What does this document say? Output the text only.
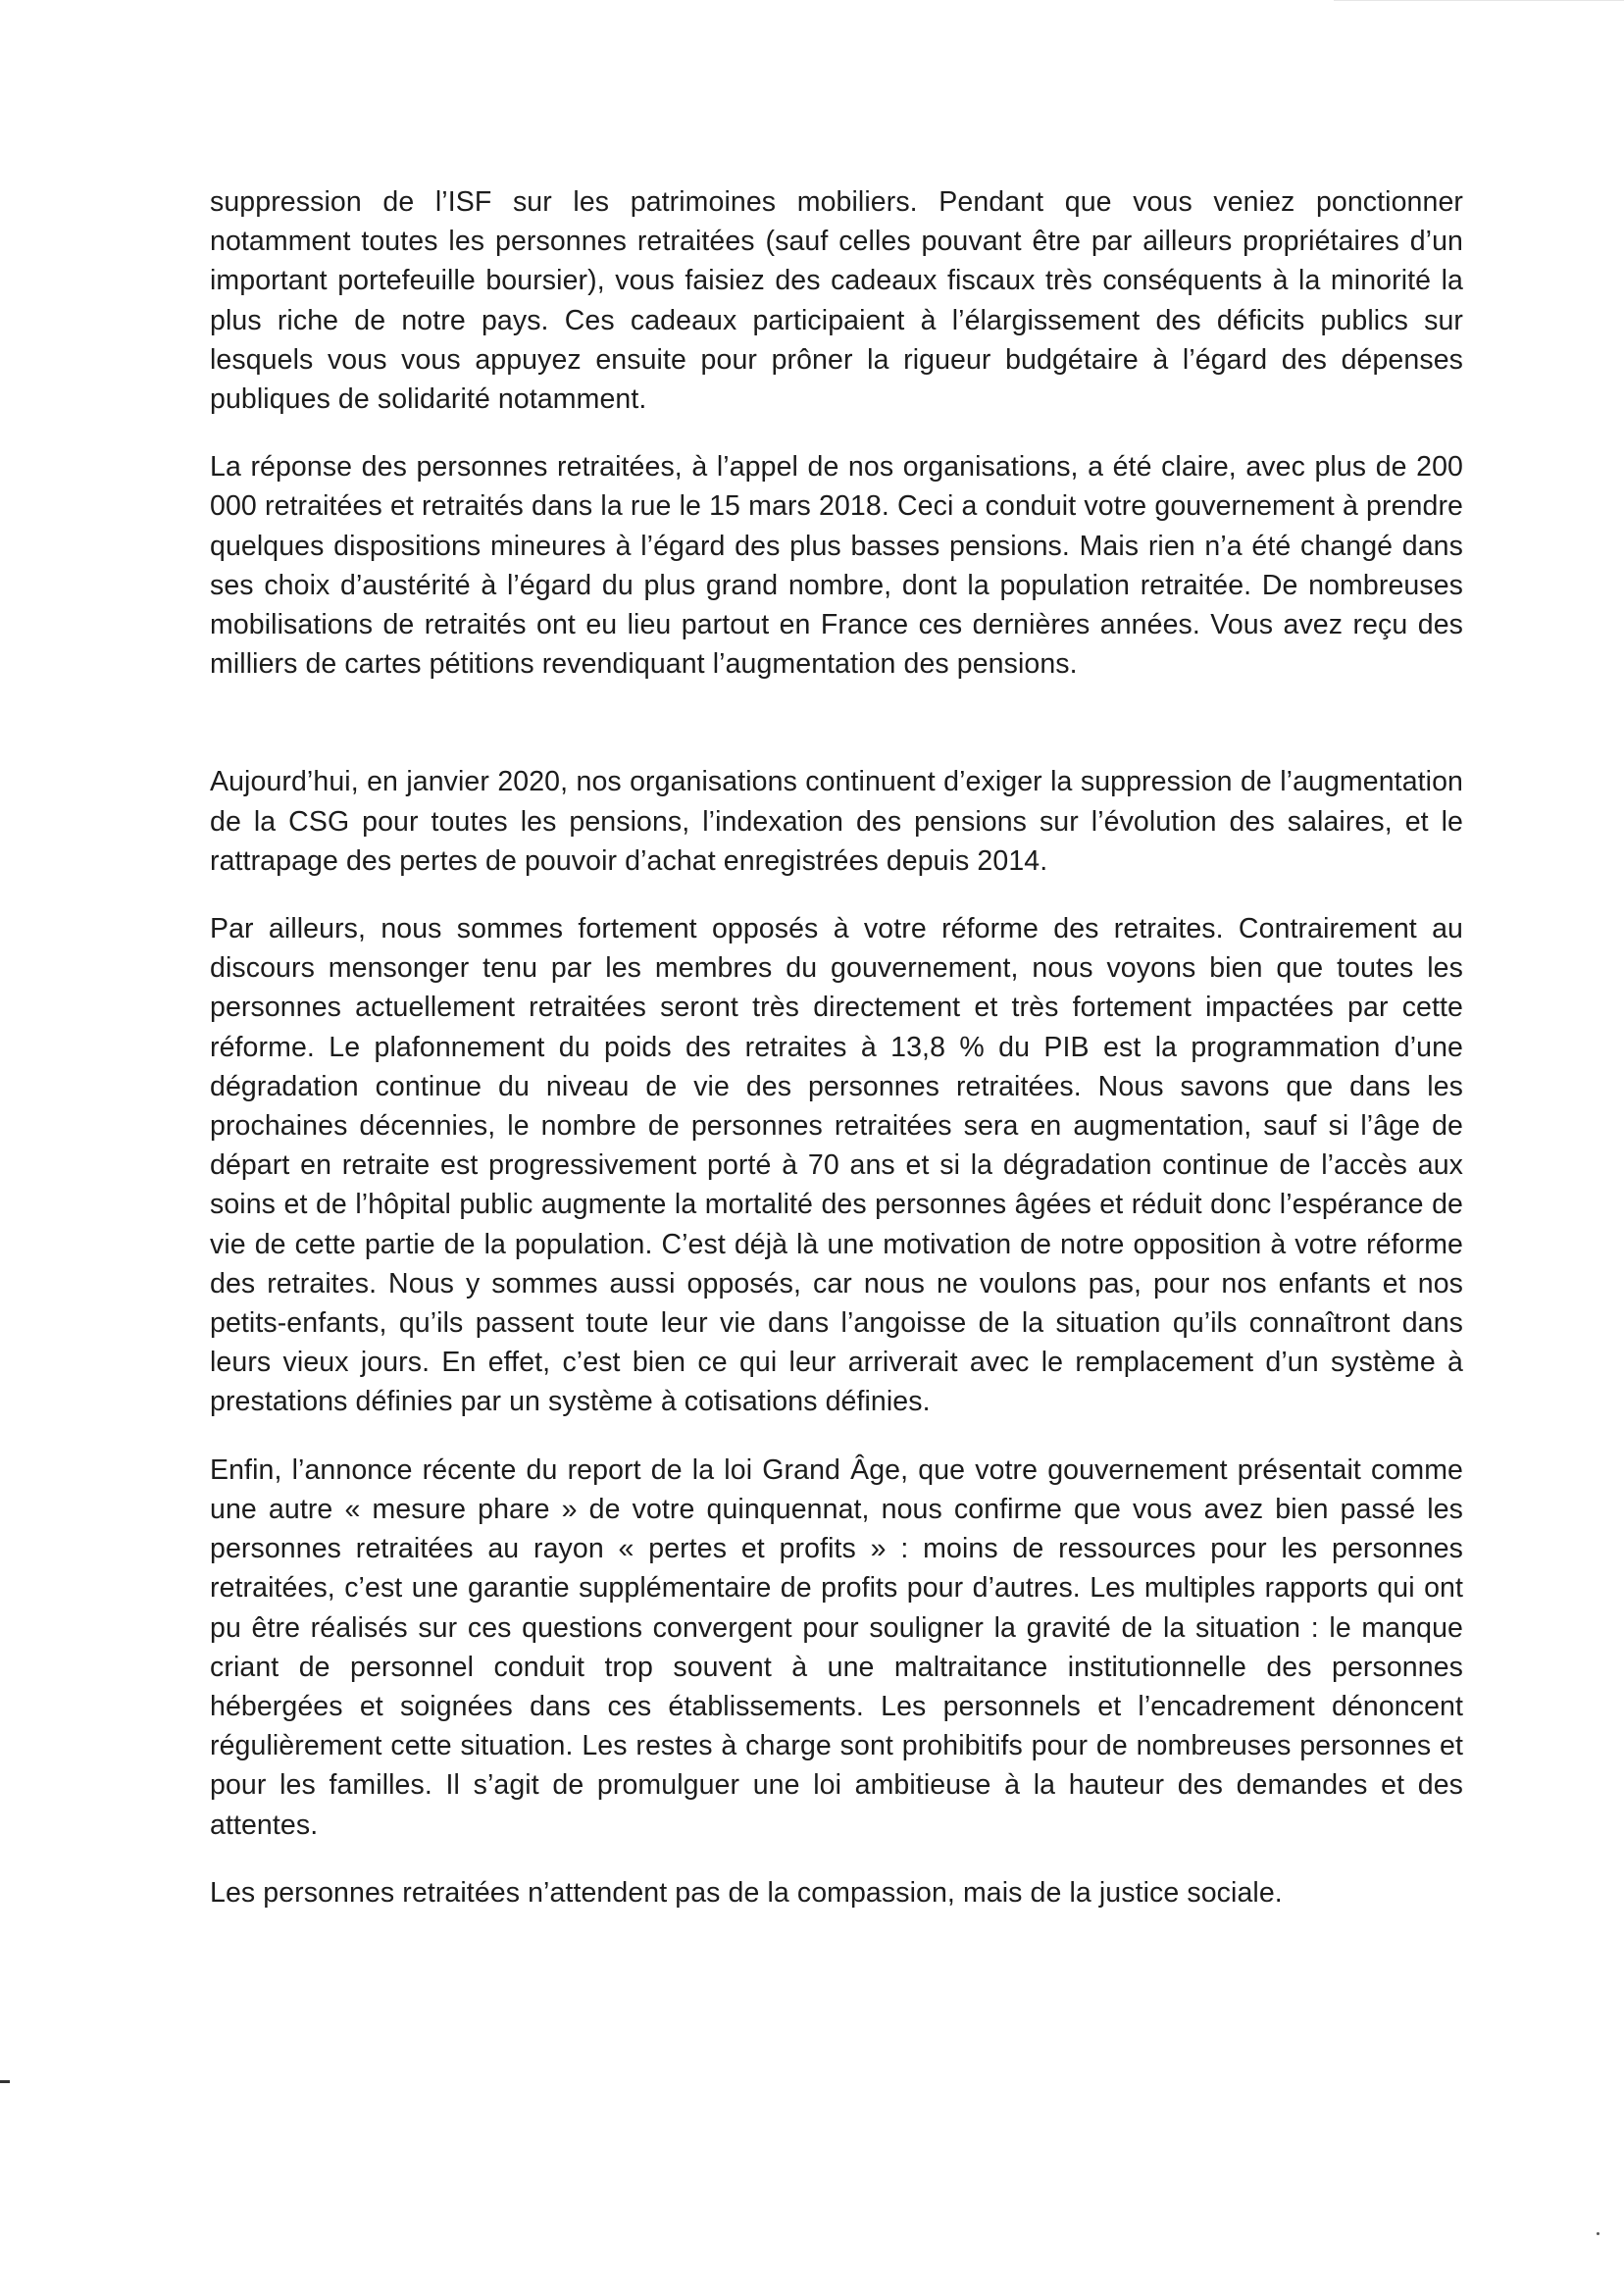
suppression de l’ISF sur les patrimoines mobiliers. Pendant que vous veniez ponctionner notamment toutes les personnes retraitées (sauf celles pouvant être par ailleurs propriétaires d’un important portefeuille boursier), vous faisiez des cadeaux fiscaux très conséquents à la minorité la plus riche de notre pays. Ces cadeaux participaient à l’élargissement des déficits publics sur lesquels vous vous appuyez ensuite pour prôner la rigueur budgétaire à l’égard des dépenses publiques de solidarité notamment.

La réponse des personnes retraitées, à l’appel de nos organisations, a été claire, avec plus de 200 000 retraitées et retraités dans la rue le 15 mars 2018. Ceci a conduit votre gouvernement à prendre quelques dispositions mineures à l’égard des plus basses pensions. Mais rien n’a été changé dans ses choix d’austérité à l’égard du plus grand nombre, dont la population retraitée. De nombreuses mobilisations de retraités ont eu lieu partout en France ces dernières années. Vous avez reçu des milliers de cartes pétitions revendiquant l’augmentation des pensions.

Aujourd’hui, en janvier 2020, nos organisations continuent d’exiger la suppression de l’augmentation de la CSG pour toutes les pensions, l’indexation des pensions sur l’évolution des salaires, et le rattrapage des pertes de pouvoir d’achat enregistrées depuis 2014.

Par ailleurs, nous sommes fortement opposés à votre réforme des retraites. Contrairement au discours mensonger tenu par les membres du gouvernement, nous voyons bien que toutes les personnes actuellement retraitées seront très directement et très fortement impactées par cette réforme. Le plafonnement du poids des retraites à 13,8 % du PIB est la programmation d’une dégradation continue du niveau de vie des personnes retraitées. Nous savons que dans les prochaines décennies, le nombre de personnes retraitées sera en augmentation, sauf si l’âge de départ en retraite est progressivement porté à 70 ans et si la dégradation continue de l’accès aux soins et de l’hôpital public augmente la mortalité des personnes âgées et réduit donc l’espérance de vie de cette partie de la population. C’est déjà là une motivation de notre opposition à votre réforme des retraites. Nous y sommes aussi opposés, car nous ne voulons pas, pour nos enfants et nos petits-enfants, qu’ils passent toute leur vie dans l’angoisse de la situation qu’ils connaîtront dans leurs vieux jours. En effet, c’est bien ce qui leur arriverait avec le remplacement d’un système à prestations définies par un système à cotisations définies.

Enfin, l’annonce récente du report de la loi Grand Âge, que votre gouvernement présentait comme une autre « mesure phare » de votre quinquennat, nous confirme que vous avez bien passé les personnes retraitées au rayon « pertes et profits » : moins de ressources pour les personnes retraitées, c’est une garantie supplémentaire de profits pour d’autres. Les multiples rapports qui ont pu être réalisés sur ces questions convergent pour souligner la gravité de la situation : le manque criant de personnel conduit trop souvent à une maltraitance institutionnelle des personnes hébergées et soignées dans ces établissements. Les personnels et l’encadrement dénoncent régulièrement cette situation. Les restes à charge sont prohibitifs pour de nombreuses personnes et pour les familles. Il s’agit de promulguer une loi ambitieuse à la hauteur des demandes et des attentes.

Les personnes retraitées n’attendent pas de la compassion, mais de la justice sociale.
